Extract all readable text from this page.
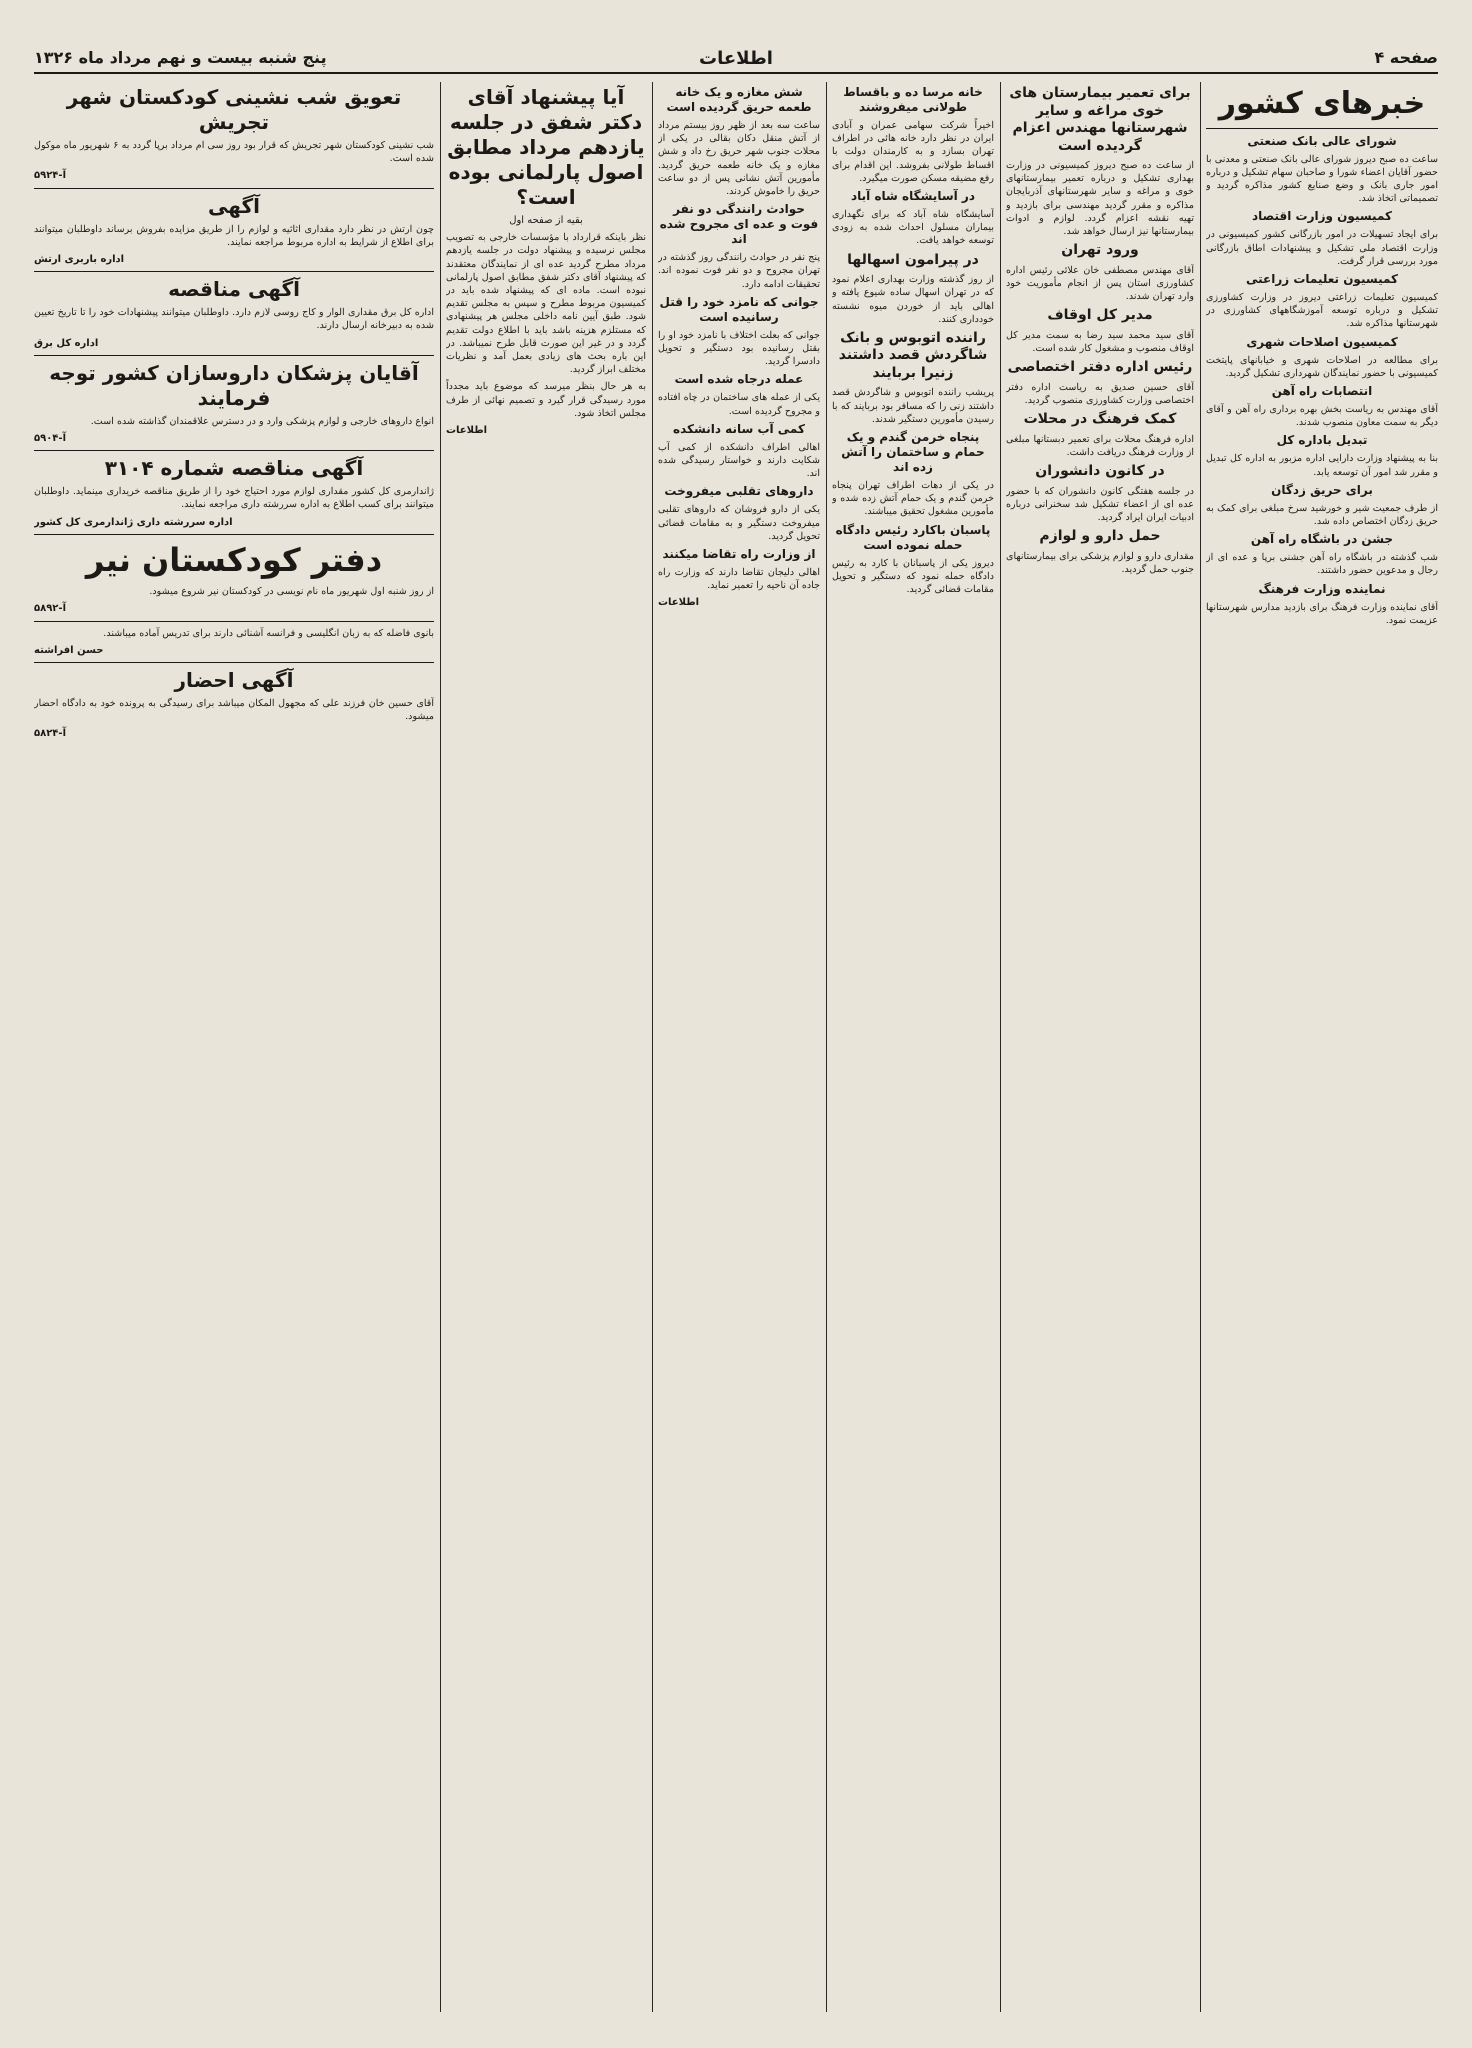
صفحه ۴
اطلاعات
پنج شنبه بیست و نهم مرداد ماه ۱۳۲۶
خبرهای کشور
شورای عالی بانک صنعتی

ساعت ده صبح دیروز شورای عالی بانک صنعتی و معدنی با حضور آقایان اعضاء شورا و صاحبان سهام تشکیل و درباره امور جاری بانک و وضع صنایع کشور مذاکره گردید و تصمیماتی اتخاذ شد.

کمیسیون وزارت اقتصاد

برای ایجاد تسهیلات در امور بازرگانی کشور کمیسیونی در وزارت اقتصاد ملی تشکیل و پیشنهادات اطاق بازرگانی مورد بررسی قرار گرفت.

کمیسیون تعلیمات زراعتی

کمیسیون تعلیمات زراعتی دیروز در وزارت کشاورزی تشکیل و درباره توسعه آموزشگاههای کشاورزی در شهرستانها مذاکره شد.

کمیسیون اصلاحات شهری

برای مطالعه در اصلاحات شهری و خیابانهای پایتخت کمیسیونی با حضور نمایندگان شهرداری تشکیل گردید.

انتصابات راه آهن

آقای مهندس به ریاست بخش بهره برداری راه آهن و آقای دیگر به سمت معاون منصوب شدند.

تبدیل باداره کل

بنا به پیشنهاد وزارت دارایی اداره مزبور به اداره کل تبدیل و مقرر شد امور آن توسعه یابد.

برای حریق زدگان

از طرف جمعیت شیر و خورشید سرخ مبلغی برای کمک به حریق زدگان اختصاص داده شد.

جشن در باشگاه راه آهن

شب گذشته در باشگاه راه آهن جشنی برپا و عده ای از رجال و مدعوین حضور داشتند.

نماینده وزارت فرهنگ

آقای نماینده وزارت فرهنگ برای بازدید مدارس شهرستانها عزیمت نمود.

برای تعمیر بیمارستان های خوی مراغه و سایر شهرستانها مهندس اعزام گردیده است

از ساعت ده صبح دیروز کمیسیونی در وزارت بهداری تشکیل و درباره تعمیر بیمارستانهای خوی و مراغه و سایر شهرستانهای آذربایجان مذاکره و مقرر گردید مهندسی برای بازدید و تهیه نقشه اعزام گردد. لوازم و ادوات بیمارستانها نیز ارسال خواهد شد.

ورود تهران

آقای مهندس مصطفی خان علائی رئیس اداره کشاورزی استان پس از انجام مأموریت خود وارد تهران شدند.

مدیر کل اوقاف

آقای سید محمد سید رضا به سمت مدیر کل اوقاف منصوب و مشغول کار شده است.

رئیس اداره دفتر اختصاصی

آقای حسین صدیق به ریاست اداره دفتر اختصاصی وزارت کشاورزی منصوب گردید.

کمک فرهنگ در محلات

اداره فرهنگ محلات برای تعمیر دبستانها مبلغی از وزارت فرهنگ دریافت داشت.

در کانون دانشوران

در جلسه هفتگی کانون دانشوران که با حضور عده ای از اعضاء تشکیل شد سخنرانی درباره ادبیات ایران ایراد گردید.

حمل دارو و لوازم

مقداری دارو و لوازم پزشکی برای بیمارستانهای جنوب حمل گردید.

خانه مرسا ده و باقساط طولانی میفروشند

اخیراً شرکت سهامی عمران و آبادی ایران در نظر دارد خانه هائی در اطراف تهران بسازد و به کارمندان دولت با اقساط طولانی بفروشد. این اقدام برای رفع مضیقه مسکن صورت میگیرد.

در آسایشگاه شاه آباد

آسایشگاه شاه آباد که برای نگهداری بیماران مسلول احداث شده به زودی توسعه خواهد یافت.

در پیرامون اسهالها

از روز گذشته وزارت بهداری اعلام نمود که در تهران اسهال ساده شیوع یافته و اهالی باید از خوردن میوه نشسته خودداری کنند.

راننده اتوبوس و بانک شاگردش قصد داشتند زنیرا بربایند

پریشب راننده اتوبوس و شاگردش قصد داشتند زنی را که مسافر بود بربایند که با رسیدن مأمورین دستگیر شدند.

پنجاه خرمن گندم و یک حمام و ساختمان را آتش زده اند

در یکی از دهات اطراف تهران پنجاه خرمن گندم و یک حمام آتش زده شده و مأمورین مشغول تحقیق میباشند.

پاسبان باکارد رئیس دادگاه حمله نموده است

دیروز یکی از پاسبانان با کارد به رئیس دادگاه حمله نمود که دستگیر و تحویل مقامات قضائی گردید.

شش مغازه و یک خانه طعمه حریق گردیده است

ساعت سه بعد از ظهر روز بیستم مرداد از آتش منقل دکان بقالی در یکی از محلات جنوب شهر حریق رخ داد و شش مغازه و یک خانه طعمه حریق گردید. مأمورین آتش نشانی پس از دو ساعت حریق را خاموش کردند.

حوادث رانندگی دو نفر فوت و عده ای مجروح شده اند

پنج نفر در حوادث رانندگی روز گذشته در تهران مجروح و دو نفر فوت نموده اند. تحقیقات ادامه دارد.

جوانی که نامزد خود را قتل رسانیده است

جوانی که بعلت اختلاف با نامزد خود او را بقتل رسانیده بود دستگیر و تحویل دادسرا گردید.

عمله درجاه شده است

یکی از عمله های ساختمان در چاه افتاده و مجروح گردیده است.

کمی آب سانه دانشکده

اهالی اطراف دانشکده از کمی آب شکایت دارند و خواستار رسیدگی شده اند.

داروهای تقلبی میفروخت

یکی از دارو فروشان که داروهای تقلبی میفروخت دستگیر و به مقامات قضائی تحویل گردید.

از وزارت راه تقاضا میکنند

اهالی دلیجان تقاضا دارند که وزارت راه جاده آن ناحیه را تعمیر نماید.

اطلاعات
آیا پیشنهاد آقای دکتر شفق در جلسه یازدهم مرداد مطابق اصول پارلمانی بوده است؟
بقیه از صفحه اول

نظر باینکه قرارداد با مؤسسات خارجی به تصویب مجلس نرسیده و پیشنهاد دولت در جلسه یازدهم مرداد مطرح گردید عده ای از نمایندگان معتقدند که پیشنهاد آقای دکتر شفق مطابق اصول پارلمانی نبوده است. ماده ای که پیشنهاد شده باید در کمیسیون مربوط مطرح و سپس به مجلس تقدیم شود. طبق آیین نامه داخلی مجلس هر پیشنهادی که مستلزم هزینه باشد باید با اطلاع دولت تقدیم گردد و در غیر این صورت قابل طرح نمیباشد. در این باره بحث های زیادی بعمل آمد و نظریات مختلف ابراز گردید.

به هر حال بنظر میرسد که موضوع باید مجدداً مورد رسیدگی قرار گیرد و تصمیم نهائی از طرف مجلس اتخاذ شود.

اطلاعات
تعویق شب نشینی کودکستان شهر تجریش

شب نشینی کودکستان شهر تجریش که قرار بود روز سی ام مرداد برپا گردد به ۶ شهریور ماه موکول شده است.

آ-۵۹۲۴
آگهی

چون ارتش در نظر دارد مقداری اثاثیه و لوازم را از طریق مزایده بفروش برساند داوطلبان میتوانند برای اطلاع از شرایط به اداره مربوط مراجعه نمایند.

اداره باربری ارتش
آگهی مناقصه

اداره کل برق مقداری الوار و کاج روسی لازم دارد. داوطلبان میتوانند پیشنهادات خود را تا تاریخ تعیین شده به دبیرخانه ارسال دارند.

اداره کل برق
آقایان پزشکان داروسازان کشور توجه فرمایند

انواع داروهای خارجی و لوازم پزشکی وارد و در دسترس علاقمندان گذاشته شده است.

آ-۵۹۰۴
آگهی مناقصه شماره ۳۱۰۴

ژاندارمری کل کشور مقداری لوازم مورد احتیاج خود را از طریق مناقصه خریداری مینماید. داوطلبان میتوانند برای کسب اطلاع به اداره سررشته داری مراجعه نمایند.

اداره سررشته داری ژاندارمری کل کشور
دفتر کودکستان نیر

از روز شنبه اول شهریور ماه نام نویسی در کودکستان نیر شروع میشود.

آ-۵۸۹۲

بانوی فاضله که به زبان انگلیسی و فرانسه آشنائی دارند برای تدریس آماده میباشند.

حسن افراشته
آگهی احضار

آقای حسین خان فرزند علی که مجهول المکان میباشد برای رسیدگی به پرونده خود به دادگاه احضار میشود.

آ-۵۸۲۴
